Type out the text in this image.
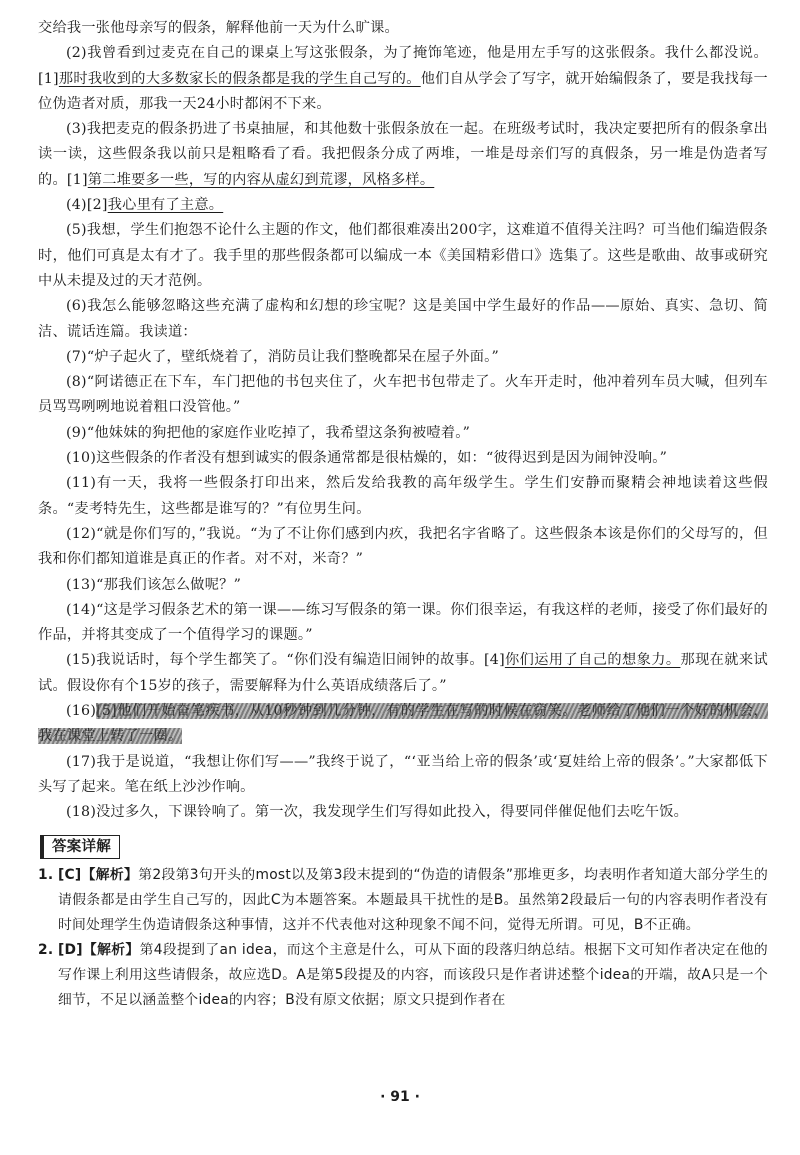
交给我一张他母亲写的假条，解释他前一天为什么旷课。

(2)我曾看到过麦克在自己的课桌上写这张假条，为了掩饰笔迹，他是用左手写的这张假条。我什么都没说。[1]那时我收到的大多数家长的假条都是我的学生自己写的。他们自从学会了写字，就开始编假条了，要是我找每一位伪造者对质，那我一天24小时都闲不下来。

(3)我把麦克的假条扔进了书桌抽屉，和其他数十张假条放在一起。在班级考试时，我决定要把所有的假条拿出读一读，这些假条我以前只是粗略看了看。我把假条分成了两堆，一堆是母亲们写的真假条，另一堆是伪造者写的。[1]第二堆要多一些，写的内容从虚幻到荒谬，风格多样。

(4)[2]我心里有了主意。

(5)我想，学生们抱怨不论什么主题的作文，他们都很难凑出200字，这难道不值得关注吗？可当他们编造假条时，他们可真是太有才了。我手里的那些假条都可以编成一本《美国精彩借口》选集了。这些是歌曲、故事或研究中从未提及过的天才范例。

(6)我怎么能够忽略这些充满了虚构和幻想的珍宝呢？这是美国中学生最好的作品——原始、真实、急切、简洁、谎话连篇。我读道：

(7)“炉子起火了，壁纸烧着了，消防员让我们整晚都呆在屋子外面。”

(8)“阿诺德正在下车，车门把他的书包夹住了，火车把书包带走了。火车开走时，他冲着列车员大喊，但列车员骂骂咧咧地说着粗口没管他。”

(9)“他妹妹的狗把他的家庭作业吃掉了，我希望这条狗被噎着。”

(10)这些假条的作者没有想到诚实的假条通常都是很枯燥的，如：“彼得迟到是因为闹钟没响。”

(11)有一天，我将一些假条打印出来，然后发给我教的高年级学生。学生们安静而聚精会神地读着这些假条。“麦考特先生，这些都是谁写的？”有位男生问。

(12)“就是你们写的，”我说。“为了不让你们感到内疚，我把名字省略了。这些假条本该是你们的父母写的，但我和你们都知道谁是真正的作者。对不对，米奇？”

(13)“那我们该怎么做呢？”

(14)“这是学习假条艺术的第一课——练习写假条的第一课。你们很幸运，有我这样的老师，接受了你们最好的作品，并将其变成了一个值得学习的课题。”

(15)我说话时，每个学生都笑了。“你们没有编造旧闹钟的故事。[4]你们运用了自己的想象力。那现在就来试试。假设你有个15岁的孩子，需要解释为什么英语成绩落后了。”

(16)[5]他们开始奋笔疾书，从10秒钟到几分钟，有的学生在写的时候在窃笑。老师给了他们一个好的机会，我在课堂上转了一圈。

(17)我于是说道，“我想让你们写——”我终于说了，“‘亚当给上帝的假条’或‘夏娃给上帝的假条’。”大家都低下头写了起来。笔在纸上沙沙作响。

(18)没过多久，下课铃响了。第一次，我发现学生们写得如此投入，得要同伴催促他们去吃午饭。

答案详解
1. [C]【解析】第2段第3句开头的most以及第3段末提到的“伪造的请假条”那堆更多，均表明作者知道大部分学生的请假条都是由学生自己写的，因此C为本题答案。本题最具干扰性的是B。虽然第2段最后一句的内容表明作者没有时间处理学生伪造请假条这种事情，这并不代表他对这种现象不闻不问，觉得无所谓。可见，B不正确。
2. [D]【解析】第4段提到了an idea，而这个主意是什么，可从下面的段落归纳总结。根据下文可知作者决定在他的写作课上利用这些请假条，故应选D。A是第5段提及的内容，而该段只是作者讲述整个idea的开端，故A只是一个细节，不足以涵盖整个idea的内容；B没有原文依据；原文只提到作者在
· 91 ·
